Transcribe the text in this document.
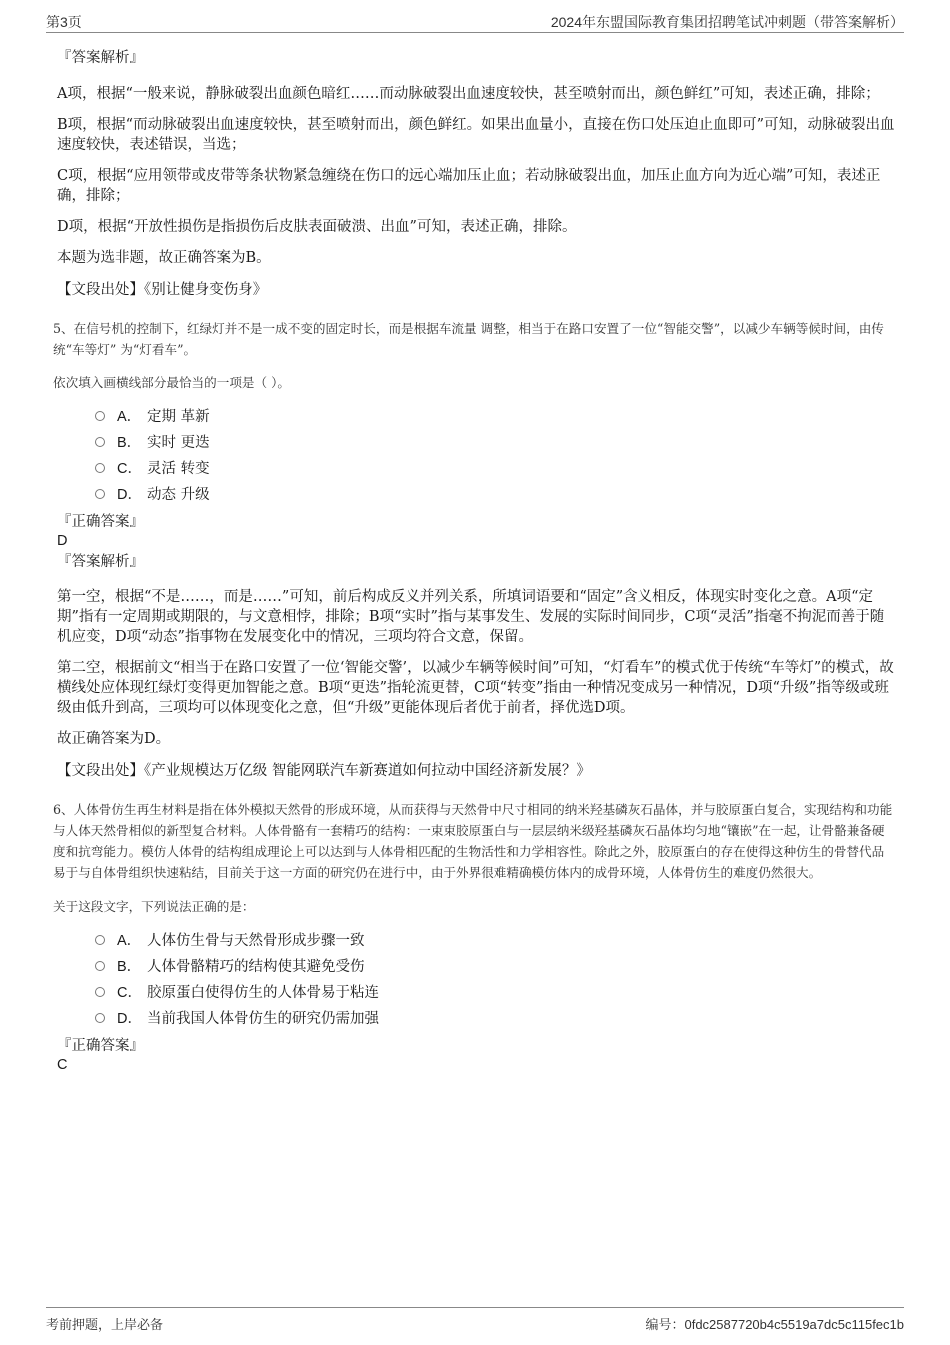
第3页	2024年东盟国际教育集团招聘笔试冲刺题（带答案解析）

『答案解析』

A项，根据“一般来说，静脉破裂出血颜色暗红……而动脉破裂出血速度较快，甚至喷射而出，颜色鲜红”可知，表述正确，排除；

B项，根据“而动脉破裂出血速度较快，甚至喷射而出，颜色鲜红。如果出血量小，直接在伤口处压迫止血即可”可知，动脉破裂出血速度较快，表述错误，当选；

C项，根据“应用领带或皮带等条状物紧急缠绕在伤口的远心端加压止血；若动脉破裂出血，加压止血方向为近心端”可知，表述正确，排除；

D项，根据“开放性损伤是指损伤后皮肤表面破溃、出血”可知，表述正确，排除。

本题为选非题，故正确答案为B。

【文段出处】《别让健身变伤身》

5、在信号机的控制下，红绿灯并不是一成不变的固定时长，而是根据车流量 调整，相当于在路口安置了一位“智能交警”，以减少车辆等候时间，由传统“车等灯” 为“灯看车”。

依次填入画横线部分最恰当的一项是（ ）。

A． 定期 革新
B． 实时 更迭
C． 灵活 转变
D． 动态 升级

『正确答案』

D

『答案解析』

第一空，根据“不是……，而是……”可知，前后构成反义并列关系，所填词语要和“固定”含义相反，体现实时变化之意。A项“定期”指有一定周期或期限的，与文意相悖，排除；B项“实时”指与某事发生、发展的实际时间同步，C项“灵活”指毫不拘泥而善于随机应变，D项“动态”指事物在发展变化中的情况，三项均符合文意，保留。

第二空，根据前文“相当于在路口安置了一位‘智能交警’，以减少车辆等候时间”可知，“灯看车”的模式优于传统“车等灯”的模式，故横线处应体现红绿灯变得更加智能之意。B项“更迭”指轮流更替，C项“转变”指由一种情况变成另一种情况，D项“升级”指等级或班级由低升到高，三项均可以体现变化之意，但“升级”更能体现后者优于前者，择优选D项。

故正确答案为D。

【文段出处】《产业规模达万亿级 智能网联汽车新赛道如何拉动中国经济新发展？》

6、人体骨仿生再生材料是指在体外模拟天然骨的形成环境，从而获得与天然骨中尺寸相同的纳米羟基磷灰石晶体，并与胶原蛋白复合，实现结构和功能与人体天然骨相似的新型复合材料。人体骨骼有一套精巧的结构：一束束胶原蛋白与一层层纳米级羟基磷灰石晶体均匀地“镶嵌”在一起，让骨骼兼备硬度和抗弯能力。模仿人体骨的结构组成理论上可以达到与人体骨相匹配的生物活性和力学相容性。除此之外，胶原蛋白的存在使得这种仿生的骨替代品易于与自体骨组织快速粘结，目前关于这一方面的研究仍在进行中，由于外界很难精确模仿体内的成骨环境，人体骨仿生的难度仍然很大。

关于这段文字，下列说法正确的是：

A． 人体仿生骨与天然骨形成步骤一致
B． 人体骨骼精巧的结构使其避免受伤
C． 胶原蛋白使得仿生的人体骨易于粘连
D． 当前我国人体骨仿生的研究仍需加强

『正确答案』

C

考前押题，上岸必备	编号：0fdc2587720b4c5519a7dc5c115fec1b
